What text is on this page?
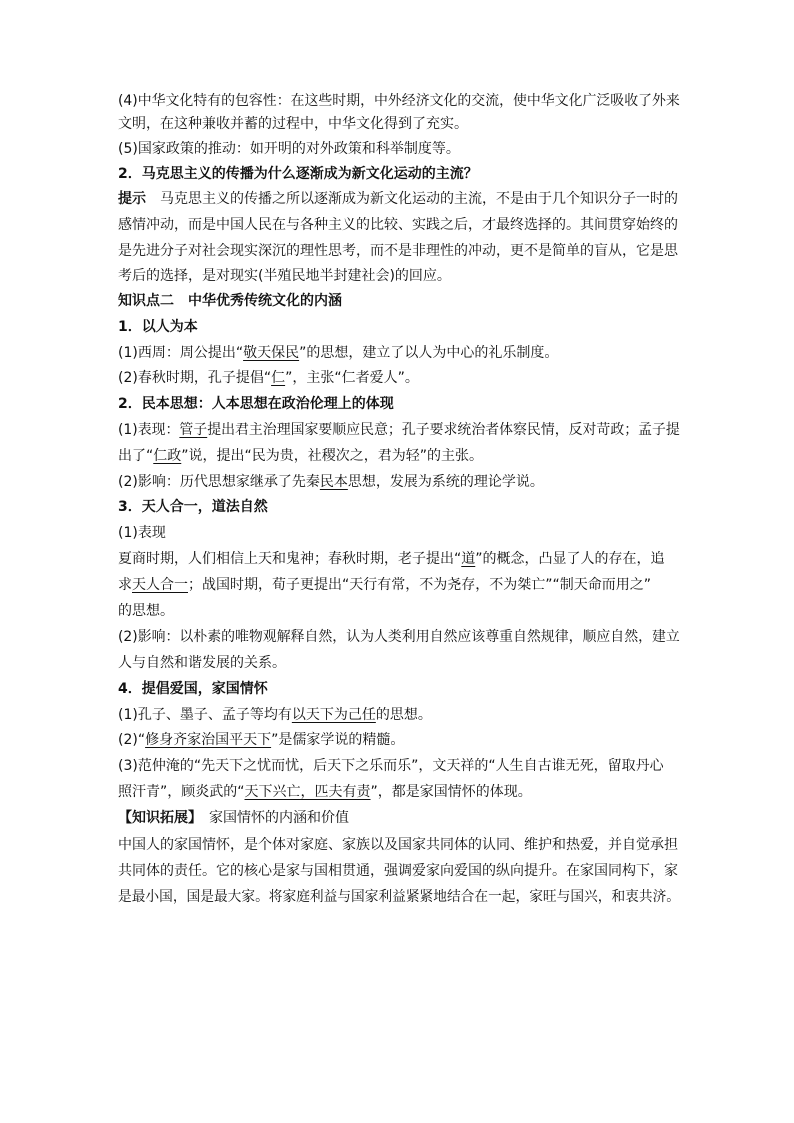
(4)中华文化特有的包容性：在这些时期，中外经济文化的交流，使中华文化广泛吸收了外来
文明，在这种兼收并蓄的过程中，中华文化得到了充实。
(5)国家政策的推动：如开明的对外政策和科举制度等。
2．马克思主义的传播为什么逐渐成为新文化运动的主流？
提示　马克思主义的传播之所以逐渐成为新文化运动的主流，不是由于几个知识分子一时的
感情冲动，而是中国人民在与各种主义的比较、实践之后，才最终选择的。其间贯穿始终的
是先进分子对社会现实深沉的理性思考，而不是非理性的冲动，更不是简单的盲从，它是思
考后的选择，是对现实(半殖民地半封建社会)的回应。
知识点二　中华优秀传统文化的内涵
1．以人为本
(1)西周：周公提出“敬天保民”的思想，建立了以人为中心的礼乐制度。
(2)春秋时期，孔子提倡“仁”，主张“仁者爱人”。
2．民本思想：人本思想在政治伦理上的体现
(1)表现：管子提出君主治理国家要顺应民意；孔子要求统治者体察民情，反对苛政；孟子提
出了“仁政”说，提出“民为贵，社稷次之，君为轻”的主张。
(2)影响：历代思想家继承了先秦民本思想，发展为系统的理论学说。
3．天人合一，道法自然
(1)表现
夏商时期，人们相信上天和鬼神；春秋时期，老子提出“道”的概念，凸显了人的存在，追
求天人合一；战国时期，荀子更提出“天行有常，不为尧存，不为桀亡”“制天命而用之”
的思想。
(2)影响：以朴素的唯物观解释自然，认为人类利用自然应该尊重自然规律，顺应自然，建立
人与自然和谐发展的关系。
4．提倡爱国，家国情怀
(1)孔子、墨子、孟子等均有以天下为己任的思想。
(2)“修身齐家治国平天下”是儒家学说的精髓。
(3)范仲淹的“先天下之忧而忧，后天下之乐而乐”，文天祥的“人生自古谁无死，留取丹心
照汗青”，顾炎武的“天下兴亡，匹夫有责”，都是家国情怀的体现。
【知识拓展】　家国情怀的内涵和价值
中国人的家国情怀，是个体对家庭、家族以及国家共同体的认同、维护和热爱，并自觉承担
共同体的责任。它的核心是家与国相贯通，强调爱家向爱国的纵向提升。在家国同构下，家
是最小国，国是最大家。将家庭利益与国家利益紧紧地结合在一起，家旺与国兴，和衷共济。
